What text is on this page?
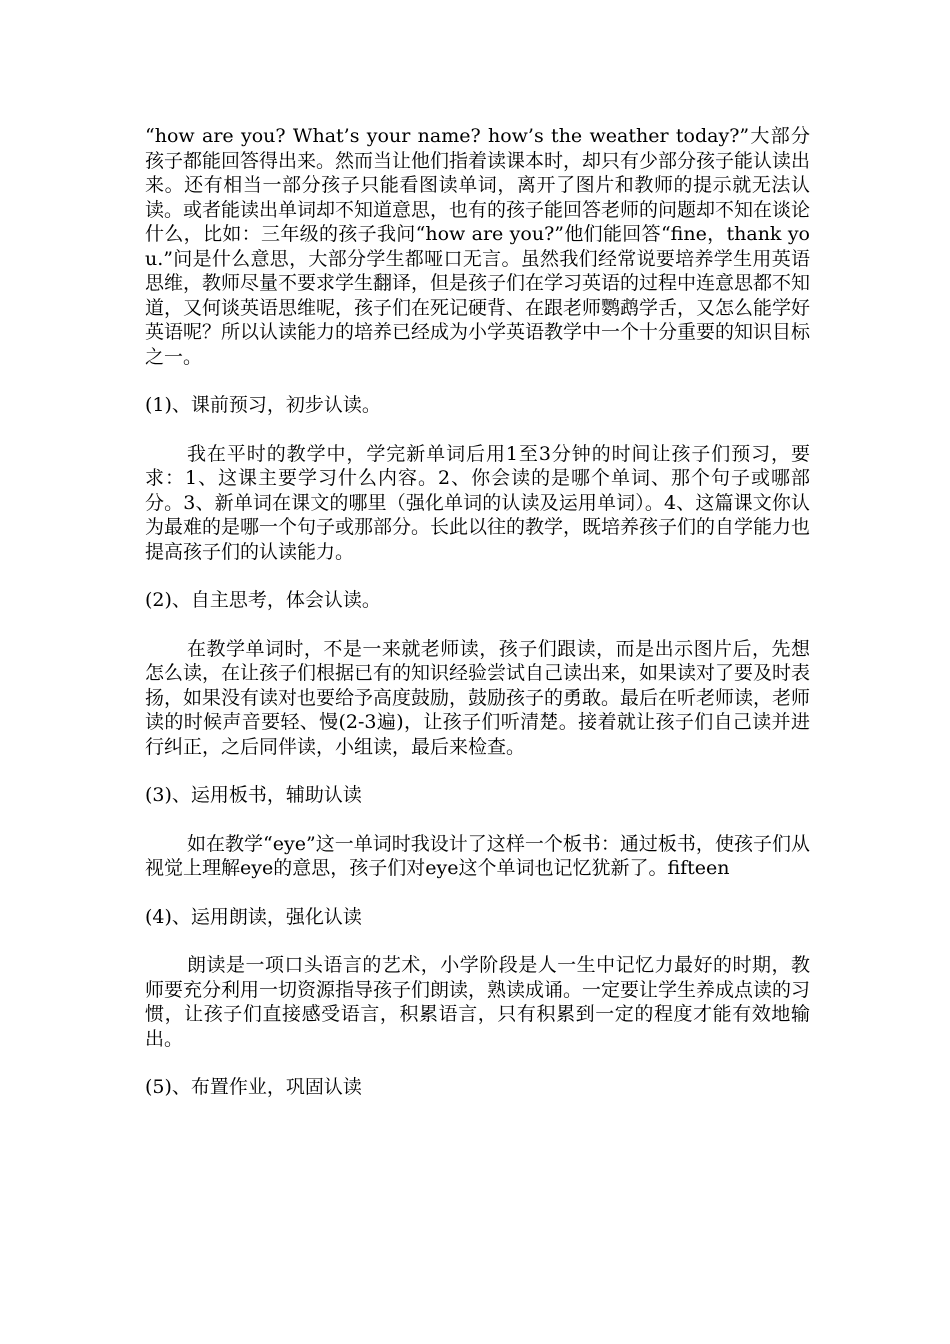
“how are you? What’s your name? how’s the weather today?”大部分孩子都能回答得出来。然而当让他们指着读课本时，却只有少部分孩子能认读出来。还有相当一部分孩子只能看图读单词，离开了图片和教师的提示就无法认读。或者能读出单词却不知道意思，也有的孩子能回答老师的问题却不知在谈论什么，比如：三年级的孩子我问“how are you?”他们能回答“fine，thank you.”问是什么意思，大部分学生都哑口无言。虽然我们经常说要培养学生用英语思维，教师尽量不要求学生翻译，但是孩子们在学习英语的过程中连意思都不知道，又何谈英语思维呢，孩子们在死记硬背、在跟老师鹦鹉学舌，又怎么能学好英语呢？所以认读能力的培养已经成为小学英语教学中一个十分重要的知识目标之一。

(1)、课前预习，初步认读。

我在平时的教学中，学完新单词后用1至3分钟的时间让孩子们预习，要求：1、这课主要学习什么内容。2、你会读的是哪个单词、那个句子或哪部分。3、新单词在课文的哪里（强化单词的认读及运用单词）。4、这篇课文你认为最难的是哪一个句子或那部分。长此以往的教学，既培养孩子们的自学能力也提高孩子们的认读能力。

(2)、自主思考，体会认读。

在教学单词时，不是一来就老师读，孩子们跟读，而是出示图片后，先想怎么读，在让孩子们根据已有的知识经验尝试自己读出来，如果读对了要及时表扬，如果没有读对也要给予高度鼓励，鼓励孩子的勇敢。最后在听老师读，老师读的时候声音要轻、慢(2-3遍)，让孩子们听清楚。接着就让孩子们自己读并进行纠正，之后同伴读，小组读，最后来检查。

(3)、运用板书，辅助认读

如在教学“eye”这一单词时我设计了这样一个板书：通过板书，使孩子们从视觉上理解eye的意思，孩子们对eye这个单词也记忆犹新了。fifteen

(4)、运用朗读，强化认读

朗读是一项口头语言的艺术，小学阶段是人一生中记忆力最好的时期，教师要充分利用一切资源指导孩子们朗读，熟读成诵。一定要让学生养成点读的习惯，让孩子们直接感受语言，积累语言，只有积累到一定的程度才能有效地输出。

(5)、布置作业，巩固认读
